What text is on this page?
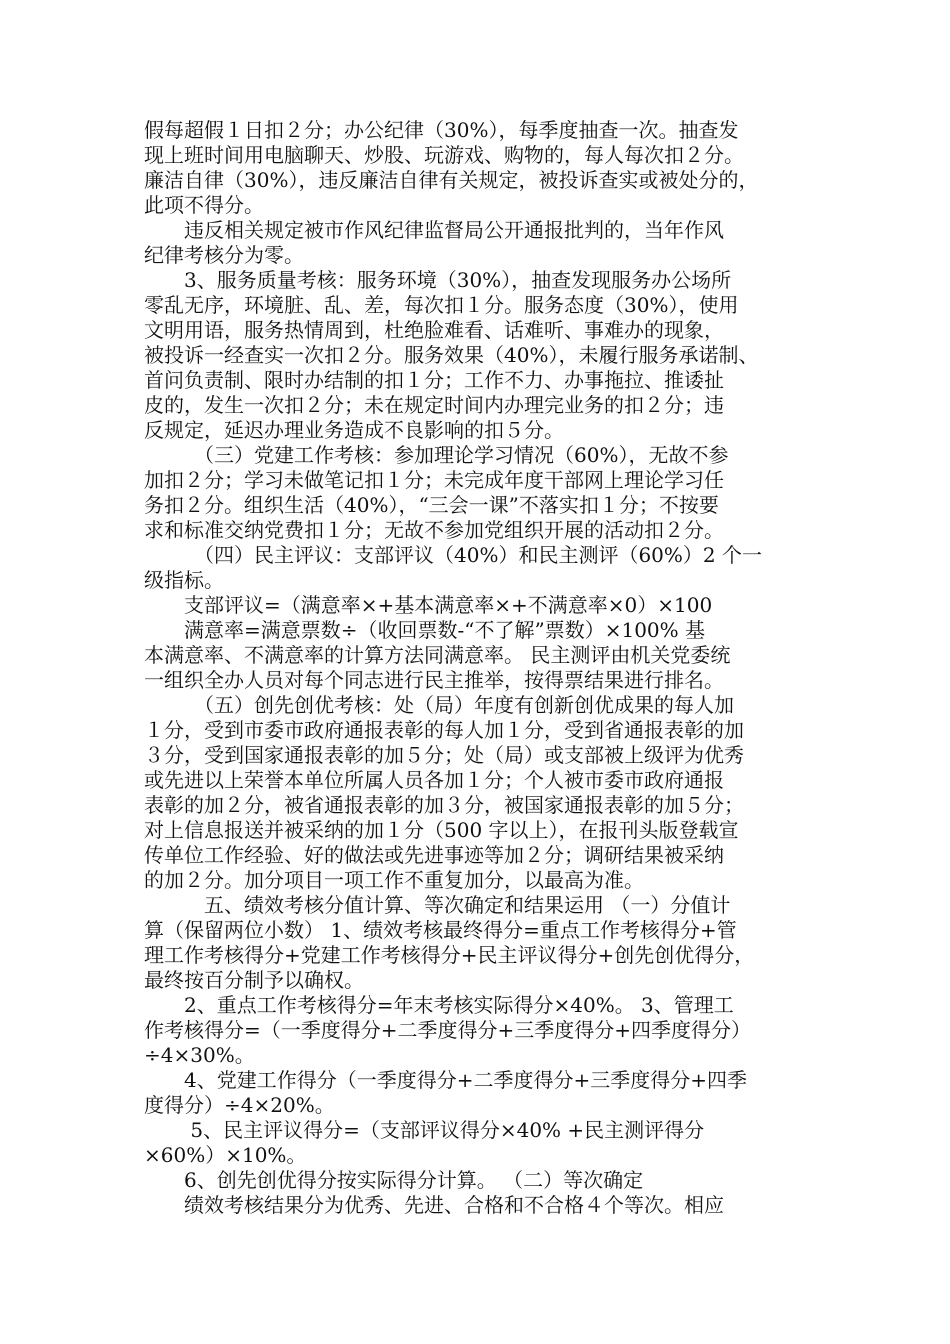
假每超假１日扣２分；办公纪律（30%），每季度抽查一次。抽查发
现上班时间用电脑聊天、炒股、玩游戏、购物的，每人每次扣２分。
廉洁自律（30%），违反廉洁自律有关规定，被投诉查实或被处分的，
此项不得分。
　　违反相关规定被市作风纪律监督局公开通报批判的，当年作风
纪律考核分为零。
　　3、服务质量考核：服务环境（30%），抽查发现服务办公场所
零乱无序，环境脏、乱、差，每次扣１分。服务态度（30%），使用
文明用语，服务热情周到，杜绝脸难看、话难听、事难办的现象，
被投诉一经查实一次扣２分。服务效果（40%），未履行服务承诺制、
首问负责制、限时办结制的扣１分；工作不力、办事拖拉、推诿扯
皮的，发生一次扣２分；未在规定时间内办理完业务的扣２分；违
反规定，延迟办理业务造成不良影响的扣５分。
　　　（三）党建工作考核：参加理论学习情况（60%），无故不参
加扣２分；学习未做笔记扣１分；未完成年度干部网上理论学习任
务扣２分。组织生活（40%），“三会一课”不落实扣１分；不按要
求和标准交纳党费扣１分；无故不参加党组织开展的活动扣２分。
　　　（四）民主评议：支部评议（40%）和民主测评（60%）2 个一
级指标。
　　支部评议=（满意率×+基本满意率×+不满意率×0）×100
　　满意率=满意票数÷（收回票数-“不了解”票数）×100% 基
本满意率、不满意率的计算方法同满意率。 民主测评由机关党委统
一组织全办人员对每个同志进行民主推举，按得票结果进行排名。
　　　（五）创先创优考核：处（局）年度有创新创优成果的每人加
１分，受到市委市政府通报表彰的每人加１分，受到省通报表彰的加
３分，受到国家通报表彰的加５分；处（局）或支部被上级评为优秀
或先进以上荣誉本单位所属人员各加１分；个人被市委市政府通报
表彰的加２分，被省通报表彰的加３分，被国家通报表彰的加５分；
对上信息报送并被采纳的加１分（500 字以上），在报刊头版登载宣
传单位工作经验、好的做法或先进事迹等加２分；调研结果被采纳
的加２分。加分项目一项工作不重复加分，以最高为准。
　　　五、绩效考核分值计算、等次确定和结果运用 （一）分值计
算（保留两位小数） 1、绩效考核最终得分=重点工作考核得分+管
理工作考核得分+党建工作考核得分+民主评议得分+创先创优得分，
最终按百分制予以确权。
　　2、重点工作考核得分=年末考核实际得分×40%。 3、管理工
作考核得分=（一季度得分+二季度得分+三季度得分+四季度得分）
÷4×30%。
　　4、党建工作得分（一季度得分+二季度得分+三季度得分+四季
度得分）÷4×20%。
　　 5、民主评议得分=（支部评议得分×40% +民主测评得分
×60%）×10%。
　　6、创先创优得分按实际得分计算。 （二）等次确定
　　绩效考核结果分为优秀、先进、合格和不合格４个等次。相应
